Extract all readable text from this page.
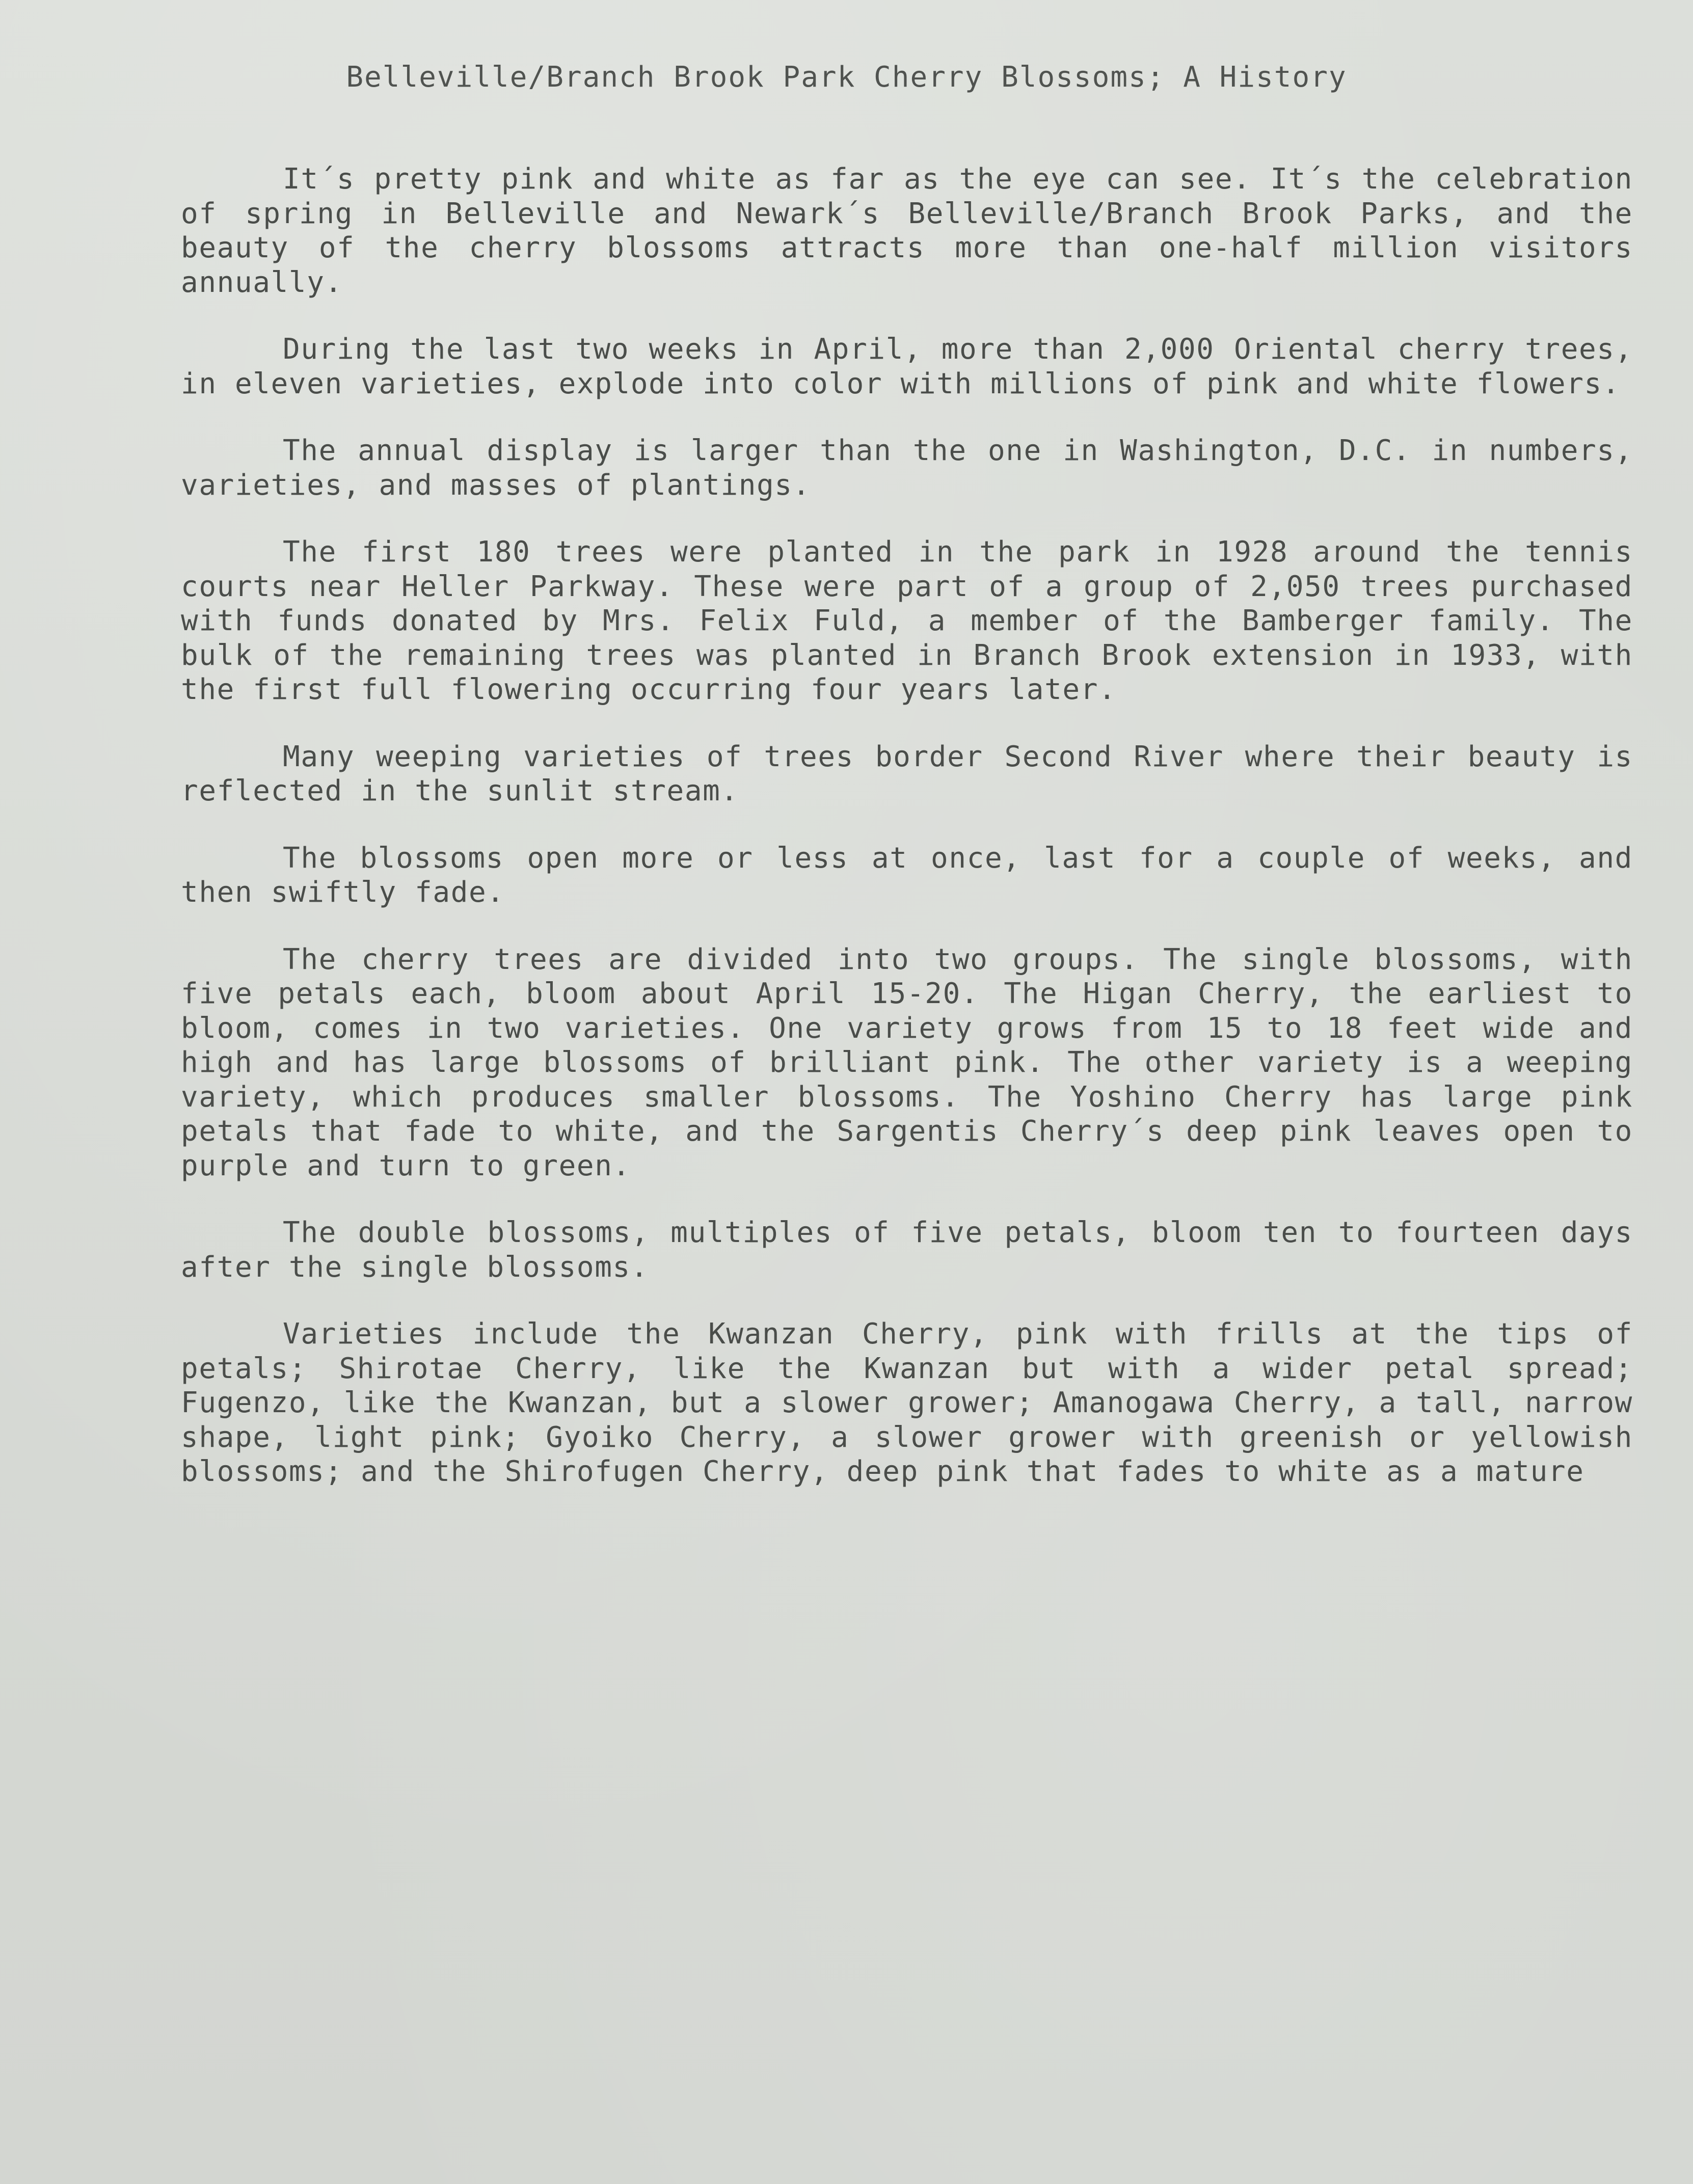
Belleville/Branch Brook Park Cherry Blossoms; A History

It´s pretty pink and white as far as the eye can see. It´s the celebration of spring in Belleville and Newark´s Belleville/Branch Brook Parks, and the beauty of the cherry blossoms attracts more than one-half million visitors annually.

During the last two weeks in April, more than 2,000 Oriental cherry trees, in eleven varieties, explode into color with millions of pink and white flowers.

The annual display is larger than the one in Washington, D.C. in numbers, varieties, and masses of plantings.

The first 180 trees were planted in the park in 1928 around the tennis courts near Heller Parkway. These were part of a group of 2,050 trees purchased with funds donated by Mrs. Felix Fuld, a member of the Bamberger family. The bulk of the remaining trees was planted in Branch Brook extension in 1933, with the first full flowering occurring four years later.

Many weeping varieties of trees border Second River where their beauty is reflected in the sunlit stream.

The blossoms open more or less at once, last for a couple of weeks, and then swiftly fade.

The cherry trees are divided into two groups. The single blossoms, with five petals each, bloom about April 15-20. The Higan Cherry, the earliest to bloom, comes in two varieties. One variety grows from 15 to 18 feet wide and high and has large blossoms of brilliant pink. The other variety is a weeping variety, which produces smaller blossoms. The Yoshino Cherry has large pink petals that fade to white, and the Sargentis Cherry´s deep pink leaves open to purple and turn to green.

The double blossoms, multiples of five petals, bloom ten to fourteen days after the single blossoms.

Varieties include the Kwanzan Cherry, pink with frills at the tips of petals; Shirotae Cherry, like the Kwanzan but with a wider petal spread; Fugenzo, like the Kwanzan, but a slower grower; Amanogawa Cherry, a tall, narrow shape, light pink; Gyoiko Cherry, a slower grower with greenish or yellowish blossoms; and the Shirofugen Cherry, deep pink that fades to white as a mature
